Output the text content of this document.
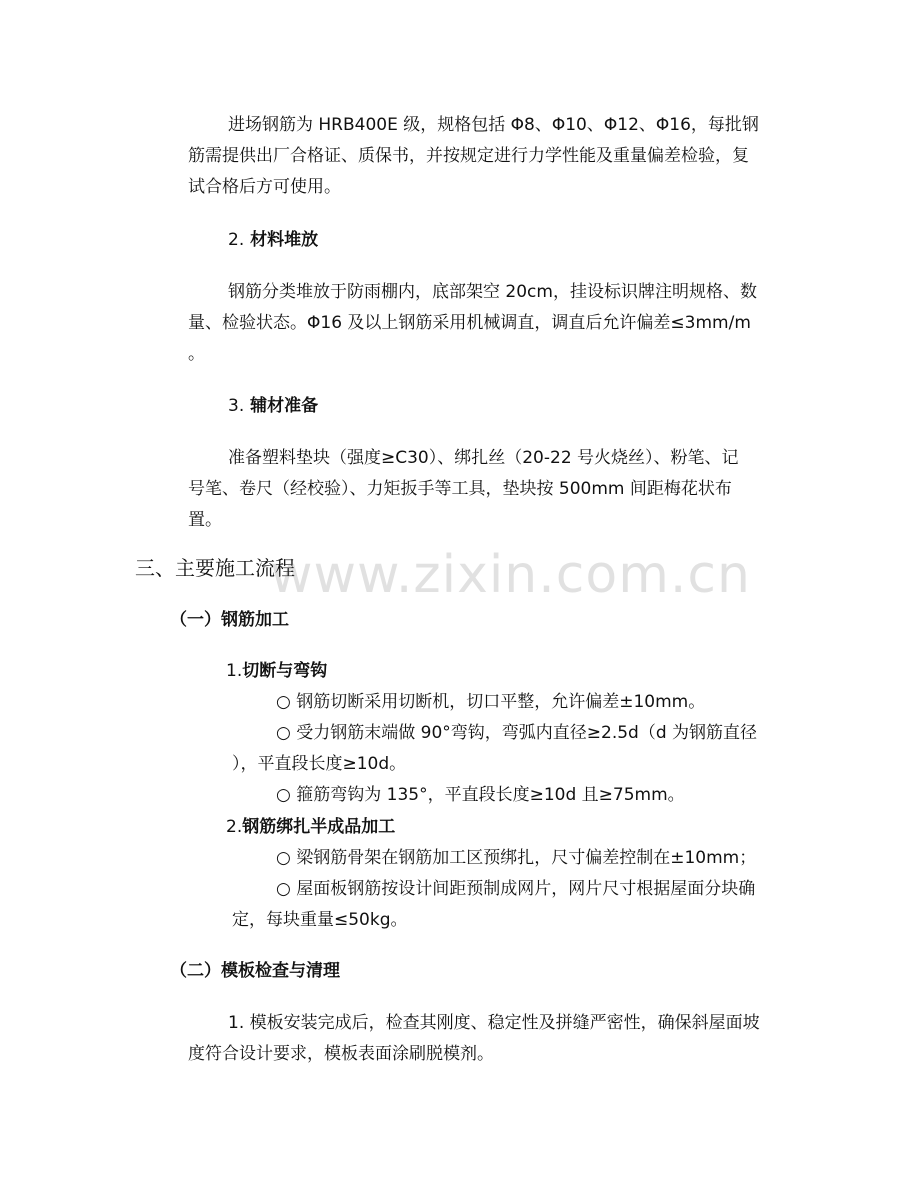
进场钢筋为 HRB400E 级，规格包括 Φ8、Φ10、Φ12、Φ16，每批钢
筋需提供出厂合格证、质保书，并按规定进行力学性能及重量偏差检验，复
试合格后方可使用。
2. 材料堆放
钢筋分类堆放于防雨棚内，底部架空 20cm，挂设标识牌注明规格、数
量、检验状态。Φ16 及以上钢筋采用机械调直，调直后允许偏差≤3mm/m
。
3. 辅材准备
准备塑料垫块（强度≥C30）、绑扎丝（20-22 号火烧丝）、粉笔、记
号笔、卷尺（经校验）、力矩扳手等工具，垫块按 500mm 间距梅花状布
置。
三、主要施工流程
（一）钢筋加工
1.切断与弯钩
○ 钢筋切断采用切断机，切口平整，允许偏差±10mm。
○ 受力钢筋末端做 90°弯钩，弯弧内直径≥2.5d（d 为钢筋直径
），平直段长度≥10d。
○ 箍筋弯钩为 135°，平直段长度≥10d 且≥75mm。
2.钢筋绑扎半成品加工
○ 梁钢筋骨架在钢筋加工区预绑扎，尺寸偏差控制在±10mm；
○ 屋面板钢筋按设计间距预制成网片，网片尺寸根据屋面分块确
定，每块重量≤50kg。
（二）模板检查与清理
1. 模板安装完成后，检查其刚度、稳定性及拼缝严密性，确保斜屋面坡
度符合设计要求，模板表面涂刷脱模剂。
www.zixin.com.cn
